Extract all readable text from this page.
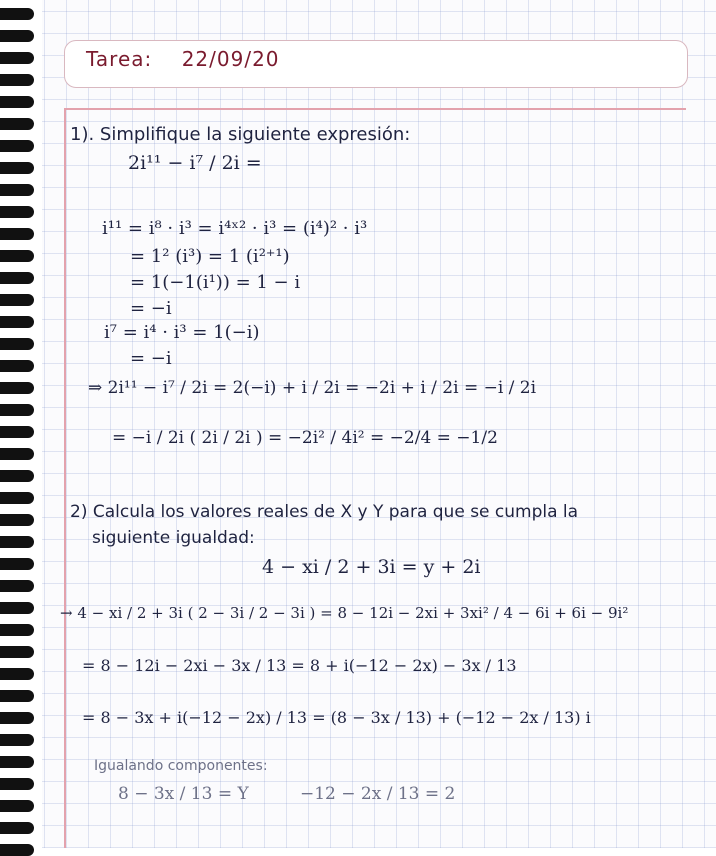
Tarea: 22/09/20
1). Simplifique la siguiente expresión:
2i¹¹ − i⁷ / 2i =
i¹¹ = i⁸ · i³ = i⁴ˣ² · i³ = (i⁴)² · i³
= 1² (i³) = 1 (i²⁺¹)
= 1(−1(i¹)) = 1 − i
= −i
i⁷ = i⁴ · i³ = 1(−i)
= −i
⇒ 2i¹¹ − i⁷ / 2i = 2(−i) + i / 2i = −2i + i / 2i = −i / 2i
= −i / 2i ( 2i / 2i ) = −2i² / 4i² = −2/4 = −1/2
2) Calcula los valores reales de X y Y para que se cumpla la
siguiente igualdad:
4 − xi / 2 + 3i = y + 2i
→ 4 − xi / 2 + 3i ( 2 − 3i / 2 − 3i ) = 8 − 12i − 2xi + 3xi² / 4 − 6i + 6i − 9i²
= 8 − 12i − 2xi − 3x / 13 = 8 + i(−12 − 2x) − 3x / 13
= 8 − 3x + i(−12 − 2x) / 13 = (8 − 3x / 13) + (−12 − 2x / 13) i
Igualando componentes:
8 − 3x / 13 = Y	−12 − 2x / 13 = 2
